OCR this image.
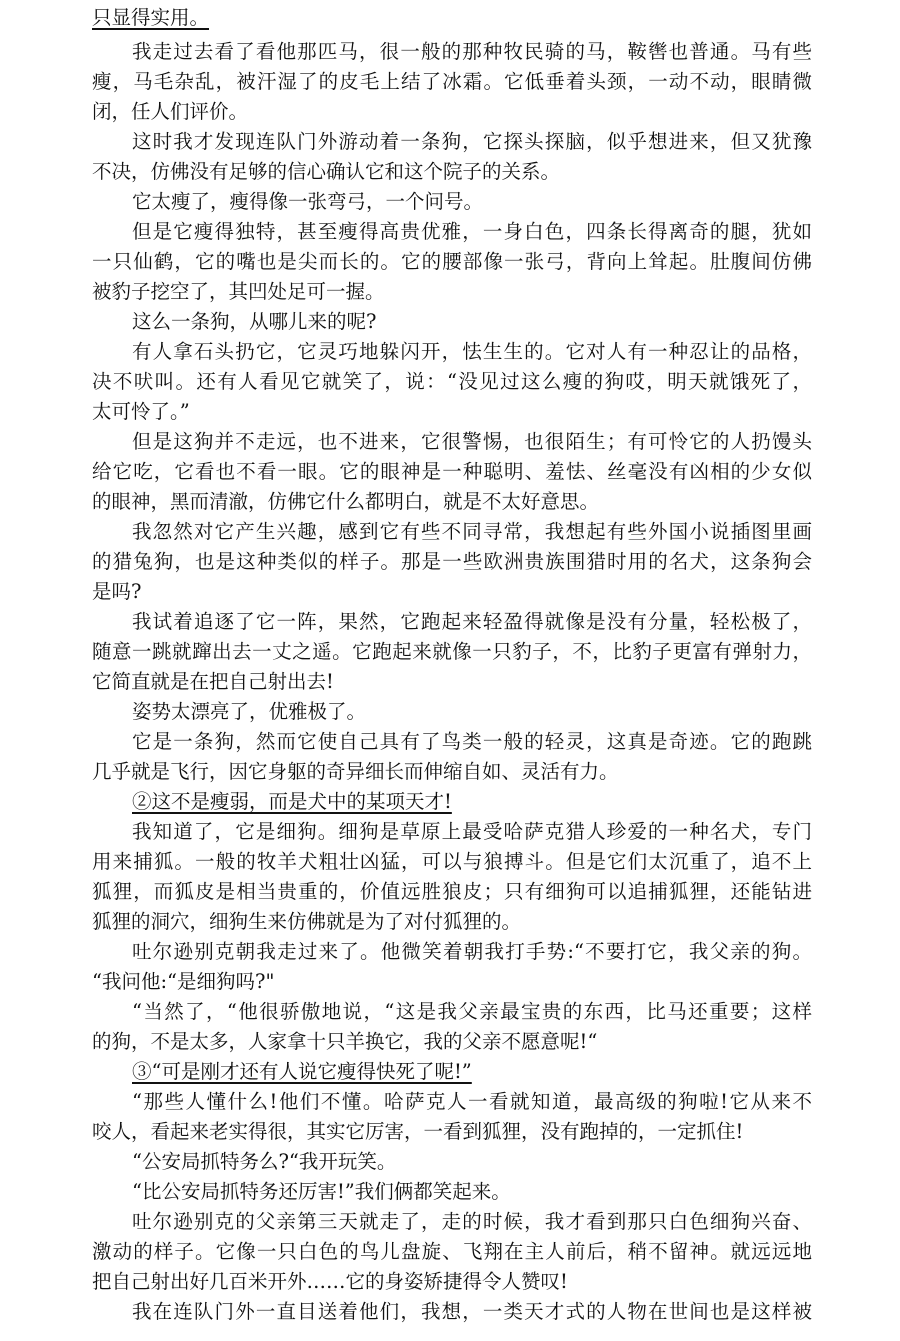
只显得实用。
我走过去看了看他那匹马，很一般的那种牧民骑的马，鞍辔也普通。马有些
瘦，马毛杂乱，被汗湿了的皮毛上结了冰霜。它低垂着头颈，一动不动，眼睛微
闭，任人们评价。
这时我才发现连队门外游动着一条狗，它探头探脑，似乎想进来，但又犹豫
不决，仿佛没有足够的信心确认它和这个院子的关系。
它太瘦了，瘦得像一张弯弓，一个问号。
但是它瘦得独特，甚至瘦得高贵优雅，一身白色，四条长得离奇的腿，犹如
一只仙鹤，它的嘴也是尖而长的。它的腰部像一张弓，背向上耸起。肚腹间仿佛
被豹子挖空了，其凹处足可一握。
这么一条狗，从哪儿来的呢?
有人拿石头扔它，它灵巧地躲闪开，怯生生的。它对人有一种忍让的品格，
决不吠叫。还有人看见它就笑了，说：“没见过这么瘦的狗哎，明天就饿死了，
太可怜了。”
但是这狗并不走远，也不进来，它很警惕，也很陌生；有可怜它的人扔馒头
给它吃，它看也不看一眼。它的眼神是一种聪明、羞怯、丝毫没有凶相的少女似
的眼神，黑而清澈，仿佛它什么都明白，就是不太好意思。
我忽然对它产生兴趣，感到它有些不同寻常，我想起有些外国小说插图里画
的猎兔狗，也是这种类似的样子。那是一些欧洲贵族围猎时用的名犬，这条狗会
是吗?
我试着追逐了它一阵，果然，它跑起来轻盈得就像是没有分量，轻松极了，
随意一跳就蹿出去一丈之遥。它跑起来就像一只豹子，不，比豹子更富有弹射力，
它简直就是在把自己射出去!
姿势太漂亮了，优雅极了。
它是一条狗，然而它使自己具有了鸟类一般的轻灵，这真是奇迹。它的跑跳
几乎就是飞行，因它身躯的奇异细长而伸缩自如、灵活有力。
②这不是瘦弱，而是犬中的某项天才!
我知道了，它是细狗。细狗是草原上最受哈萨克猎人珍爱的一种名犬，专门
用来捕狐。一般的牧羊犬粗壮凶猛，可以与狼搏斗。但是它们太沉重了，追不上
狐狸，而狐皮是相当贵重的，价值远胜狼皮；只有细狗可以追捕狐狸，还能钻进
狐狸的洞穴，细狗生来仿佛就是为了对付狐狸的。
吐尔逊别克朝我走过来了。他微笑着朝我打手势:“不要打它，我父亲的狗。
“我问他:“是细狗吗?"
“当然了，“他很骄傲地说，“这是我父亲最宝贵的东西，比马还重要；这样
的狗，不是太多，人家拿十只羊换它，我的父亲不愿意呢!“
③“可是刚才还有人说它瘦得快死了呢!”
“那些人懂什么!他们不懂。哈萨克人一看就知道，最高级的狗啦!它从来不
咬人，看起来老实得很，其实它厉害，一看到狐狸，没有跑掉的，一定抓住!
“公安局抓特务么?“我开玩笑。
“比公安局抓特务还厉害!”我们俩都笑起来。
吐尔逊别克的父亲第三天就走了，走的时候，我才看到那只白色细狗兴奋、
激动的样子。它像一只白色的鸟儿盘旋、飞翔在主人前后，稍不留神。就远远地
把自己射出好几百米开外……它的身姿矫捷得令人赞叹!
我在连队门外一直目送着他们，我想，一类天才式的人物在世间也是这样被
